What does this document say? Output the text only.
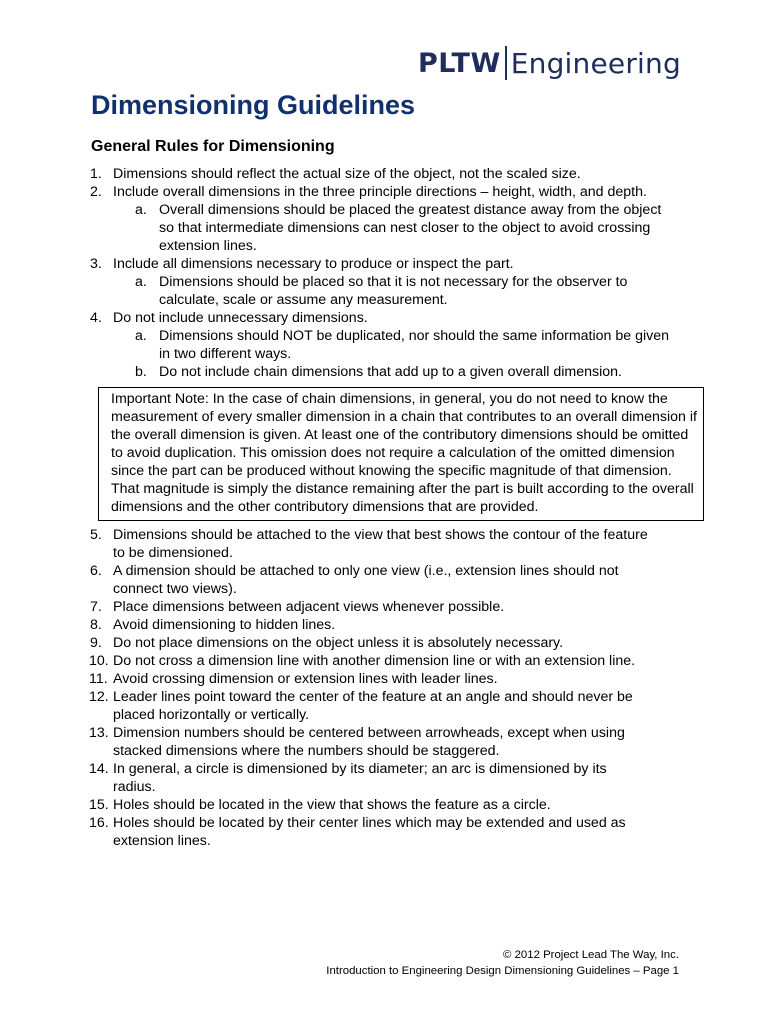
PLTW Engineering
Dimensioning Guidelines
General Rules for Dimensioning
1. Dimensions should reflect the actual size of the object, not the scaled size.
2. Include overall dimensions in the three principle directions – height, width, and depth.
a. Overall dimensions should be placed the greatest distance away from the object so that intermediate dimensions can nest closer to the object to avoid crossing extension lines.
3. Include all dimensions necessary to produce or inspect the part.
a. Dimensions should be placed so that it is not necessary for the observer to calculate, scale or assume any measurement.
4. Do not include unnecessary dimensions.
a. Dimensions should NOT be duplicated, nor should the same information be given in two different ways.
b. Do not include chain dimensions that add up to a given overall dimension.

Important Note: In the case of chain dimensions, in general, you do not need to know the measurement of every smaller dimension in a chain that contributes to an overall dimension if the overall dimension is given. At least one of the contributory dimensions should be omitted to avoid duplication. This omission does not require a calculation of the omitted dimension since the part can be produced without knowing the specific magnitude of that dimension. That magnitude is simply the distance remaining after the part is built according to the overall dimensions and the other contributory dimensions that are provided.

5. Dimensions should be attached to the view that best shows the contour of the feature to be dimensioned.
6. A dimension should be attached to only one view (i.e., extension lines should not connect two views).
7. Place dimensions between adjacent views whenever possible.
8. Avoid dimensioning to hidden lines.
9. Do not place dimensions on the object unless it is absolutely necessary.
10. Do not cross a dimension line with another dimension line or with an extension line.
11. Avoid crossing dimension or extension lines with leader lines.
12. Leader lines point toward the center of the feature at an angle and should never be placed horizontally or vertically.
13. Dimension numbers should be centered between arrowheads, except when using stacked dimensions where the numbers should be staggered.
14. In general, a circle is dimensioned by its diameter; an arc is dimensioned by its radius.
15. Holes should be located in the view that shows the feature as a circle.
16. Holes should be located by their center lines which may be extended and used as extension lines.
© 2012 Project Lead The Way, Inc.
Introduction to Engineering Design Dimensioning Guidelines – Page 1
